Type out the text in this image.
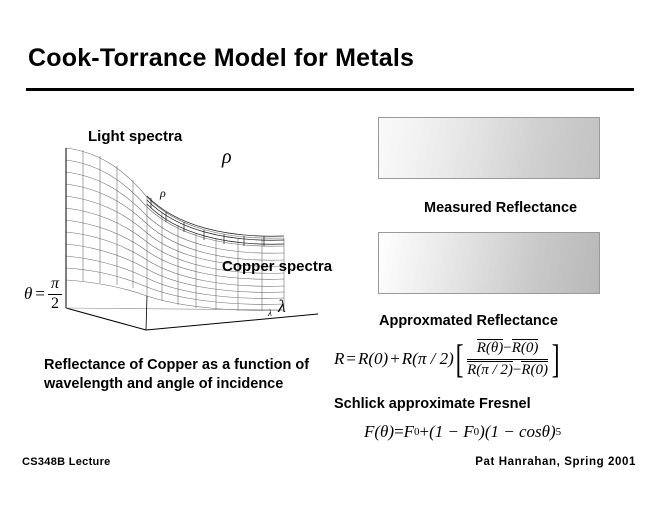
Cook-Torrance Model for Metals
Light spectra
Copper spectra
ρ
ρ
λ
λ
$\theta = \frac{\pi}{2}$
Reflectance of Copper as a function of wavelength and angle of incidence
Measured Reflectance
Approxmated Reflectance
R = R(0) + R(π / 2) [ R(θ)−R(0)
R(π / 2)−R(0) ]
Schlick approximate Fresnel
F(θ) = F 0 + (1 − F 0 )(1 − cosθ) 5
CS348B Lecture	Pat Hanrahan, Spring 2001
